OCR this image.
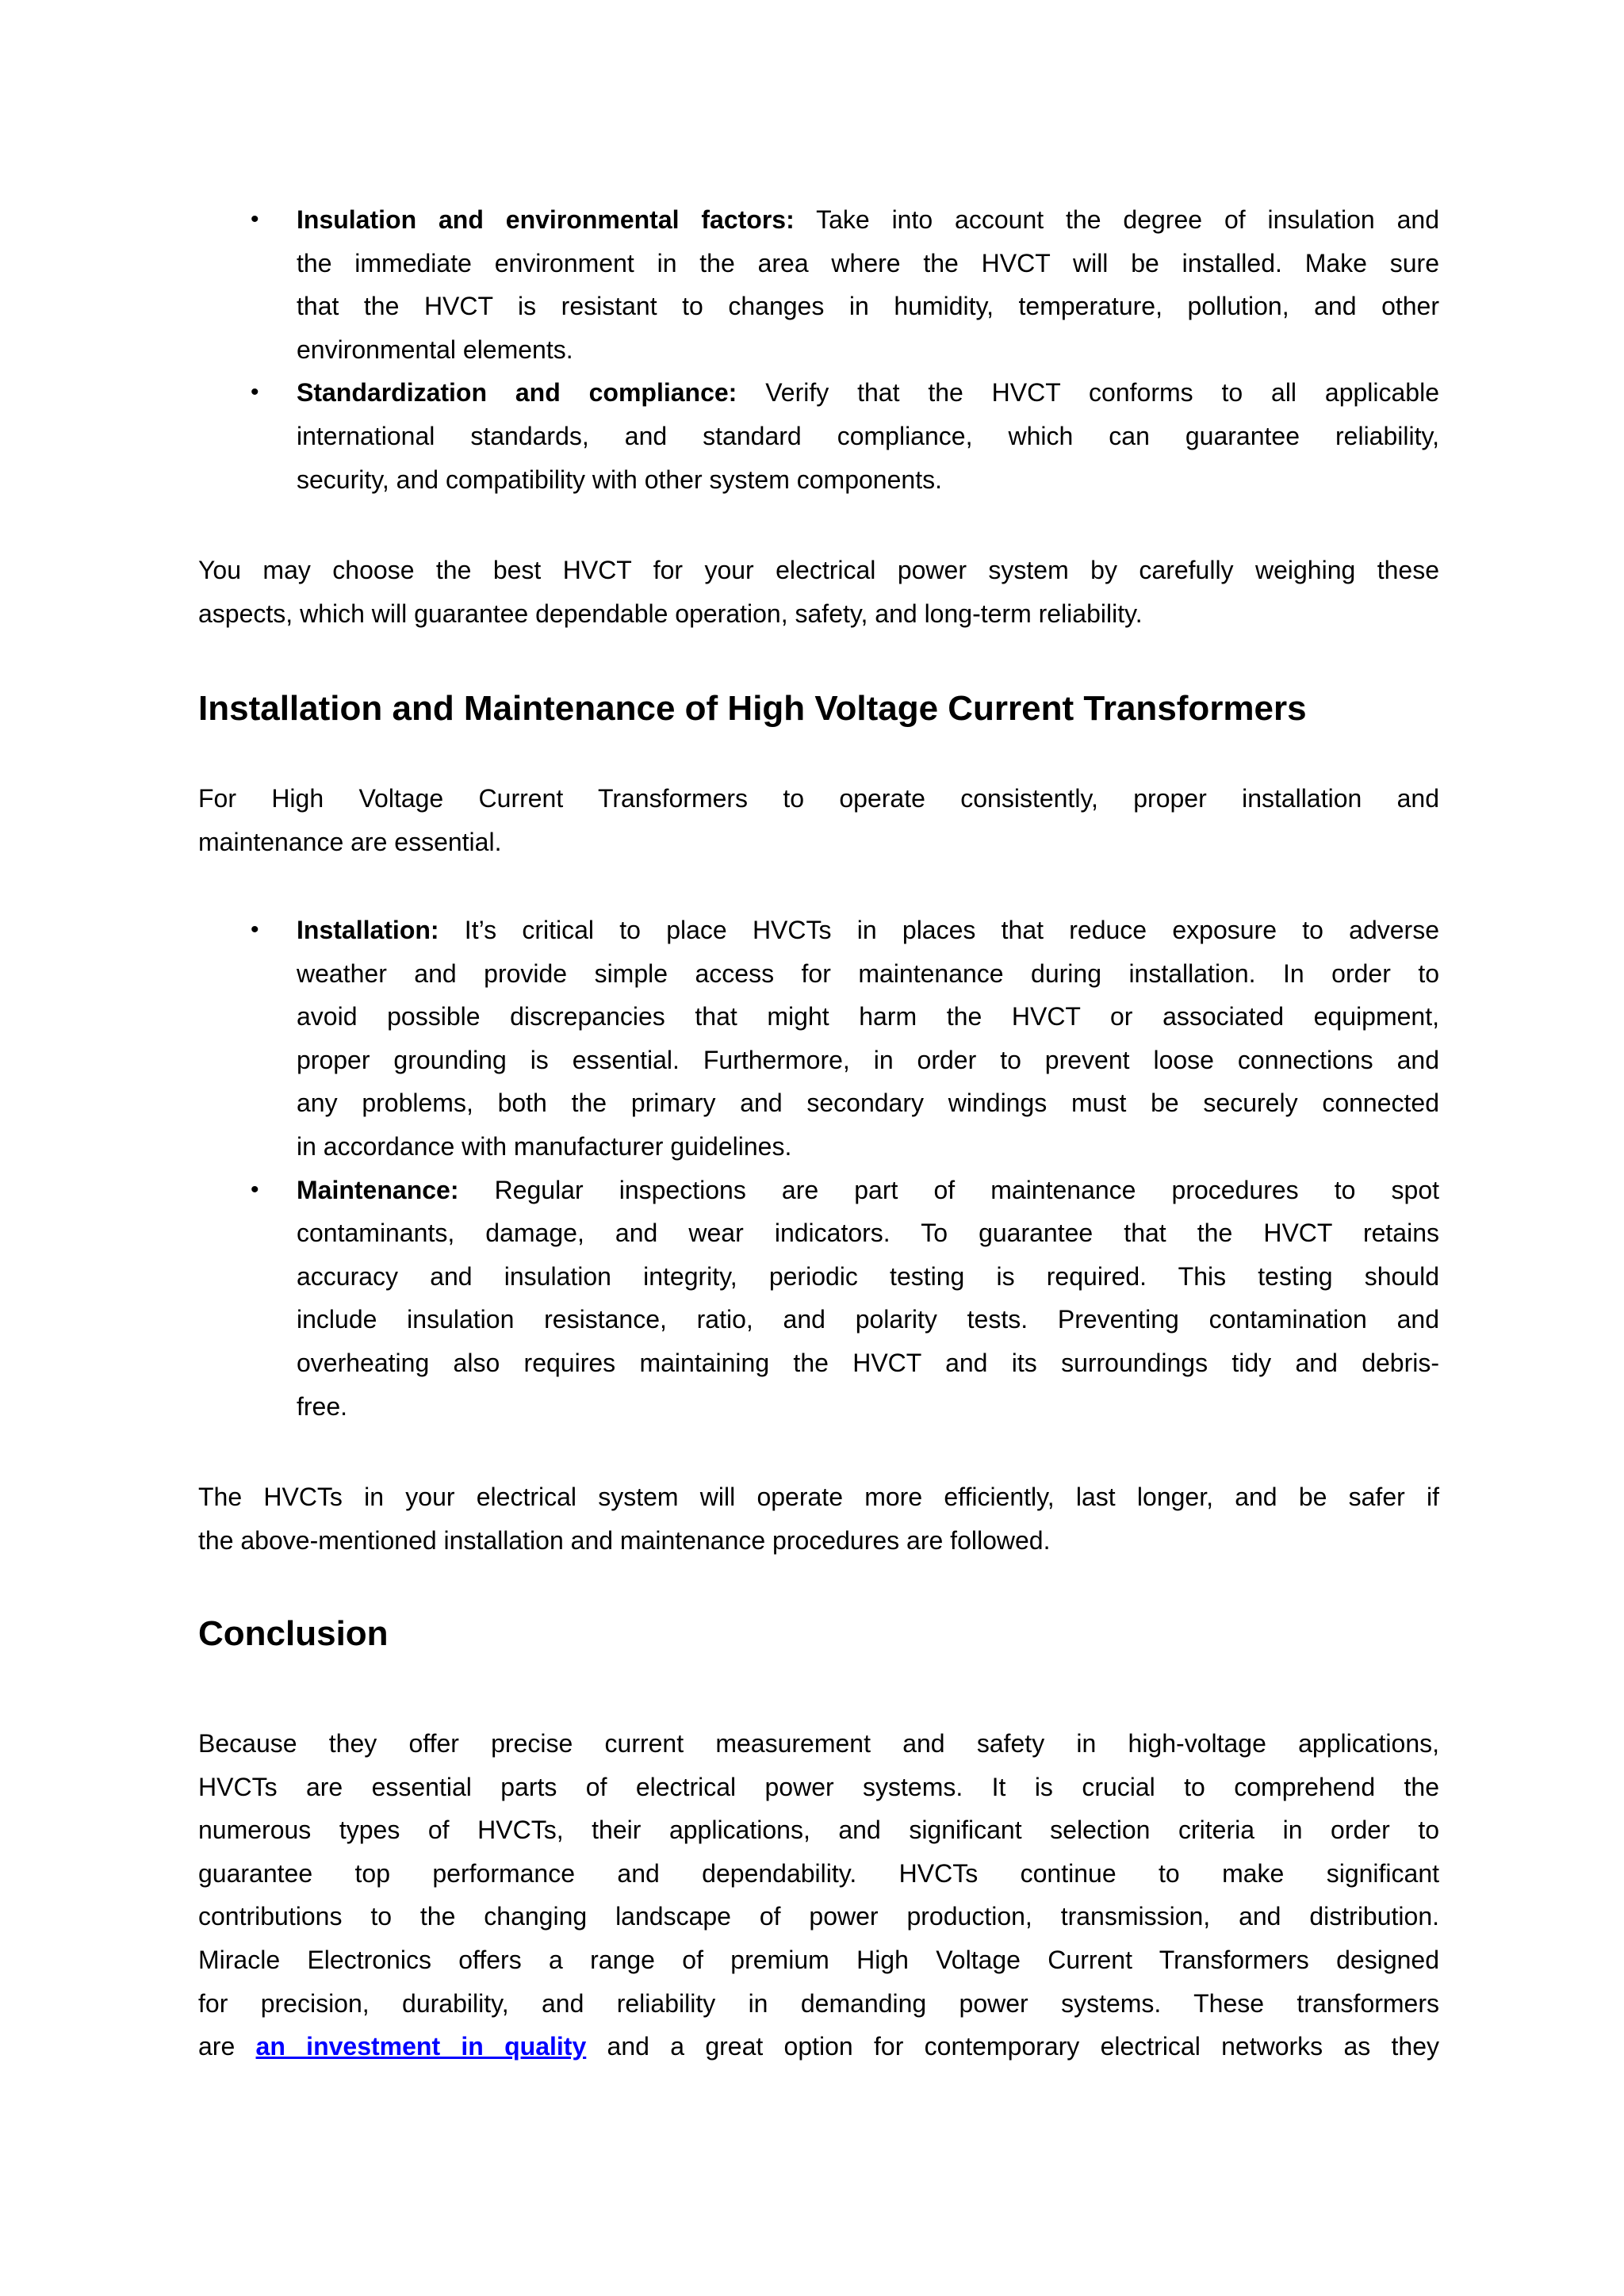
• Insulation and environmental factors: Take into account the degree of insulation and
the immediate environment in the area where the HVCT will be installed. Make sure
that the HVCT is resistant to changes in humidity, temperature, pollution, and other
environmental elements.
• Standardization and compliance: Verify that the HVCT conforms to all applicable
international standards, and standard compliance, which can guarantee reliability,
security, and compatibility with other system components.
You may choose the best HVCT for your electrical power system by carefully weighing these
aspects, which will guarantee dependable operation, safety, and long-term reliability.
Installation and Maintenance of High Voltage Current Transformers
For High Voltage Current Transformers to operate consistently, proper installation and
maintenance are essential.
• Installation: It’s critical to place HVCTs in places that reduce exposure to adverse
weather and provide simple access for maintenance during installation. In order to
avoid possible discrepancies that might harm the HVCT or associated equipment,
proper grounding is essential. Furthermore, in order to prevent loose connections and
any problems, both the primary and secondary windings must be securely connected
in accordance with manufacturer guidelines.
• Maintenance: Regular inspections are part of maintenance procedures to spot
contaminants, damage, and wear indicators. To guarantee that the HVCT retains
accuracy and insulation integrity, periodic testing is required. This testing should
include insulation resistance, ratio, and polarity tests. Preventing contamination and
overheating also requires maintaining the HVCT and its surroundings tidy and debris-
free.
The HVCTs in your electrical system will operate more efficiently, last longer, and be safer if
the above-mentioned installation and maintenance procedures are followed.
Conclusion
Because they offer precise current measurement and safety in high-voltage applications,
HVCTs are essential parts of electrical power systems. It is crucial to comprehend the
numerous types of HVCTs, their applications, and significant selection criteria in order to
guarantee top performance and dependability. HVCTs continue to make significant
contributions to the changing landscape of power production, transmission, and distribution.
Miracle Electronics offers a range of premium High Voltage Current Transformers designed
for precision, durability, and reliability in demanding power systems. These transformers
are an investment in quality and a great option for contemporary electrical networks as they
